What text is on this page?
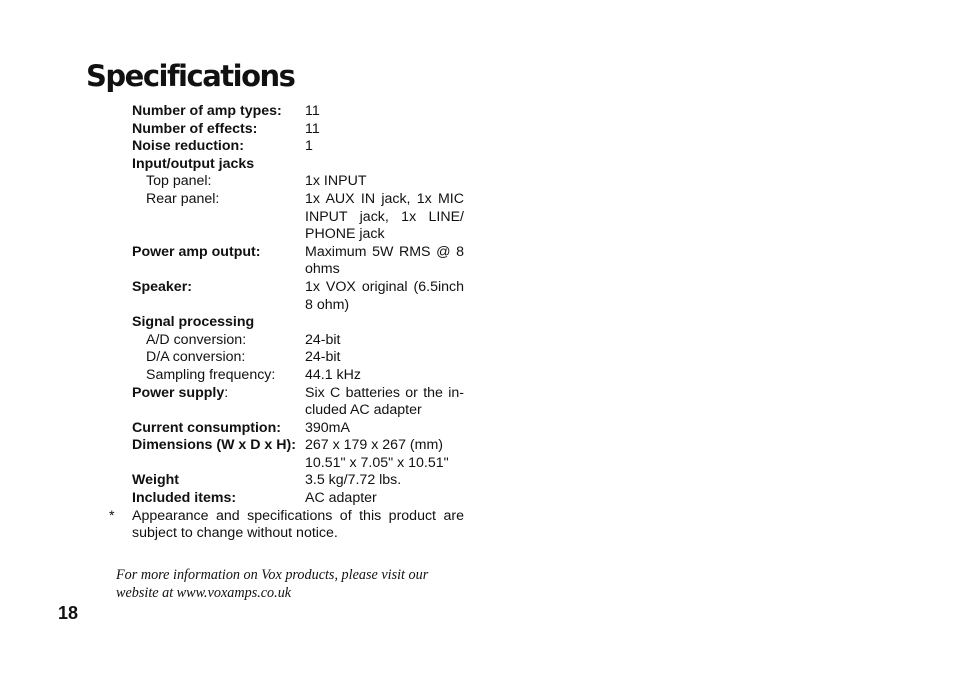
Specifications
Number of amp types:	11
Number of effects:	11
Noise reduction:	1
Input/output jacks
Top panel:	1x INPUT
Rear panel:	1x AUX IN jack, 1x MIC
INPUT jack, 1x LINE/
PHONE jack
Power amp output:	Maximum 5W RMS @ 8
ohms
Speaker:	1x VOX original (6.5inch
8 ohm)
Signal processing
A/D conversion:	24-bit
D/A conversion:	24-bit
Sampling frequency:	44.1 kHz
Power supply:	Six C batteries or the in-
cluded AC adapter
Current consumption:	390mA
Dimensions (W x D x H): 267 x 179 x 267 (mm)
10.51" x 7.05" x 10.51"
Weight	3.5 kg/7.72 lbs.
Included items:	AC adapter
* Appearance and specifications of this product are
subject to change without notice.
For more information on Vox products, please visit our
website at www.voxamps.co.uk
18
